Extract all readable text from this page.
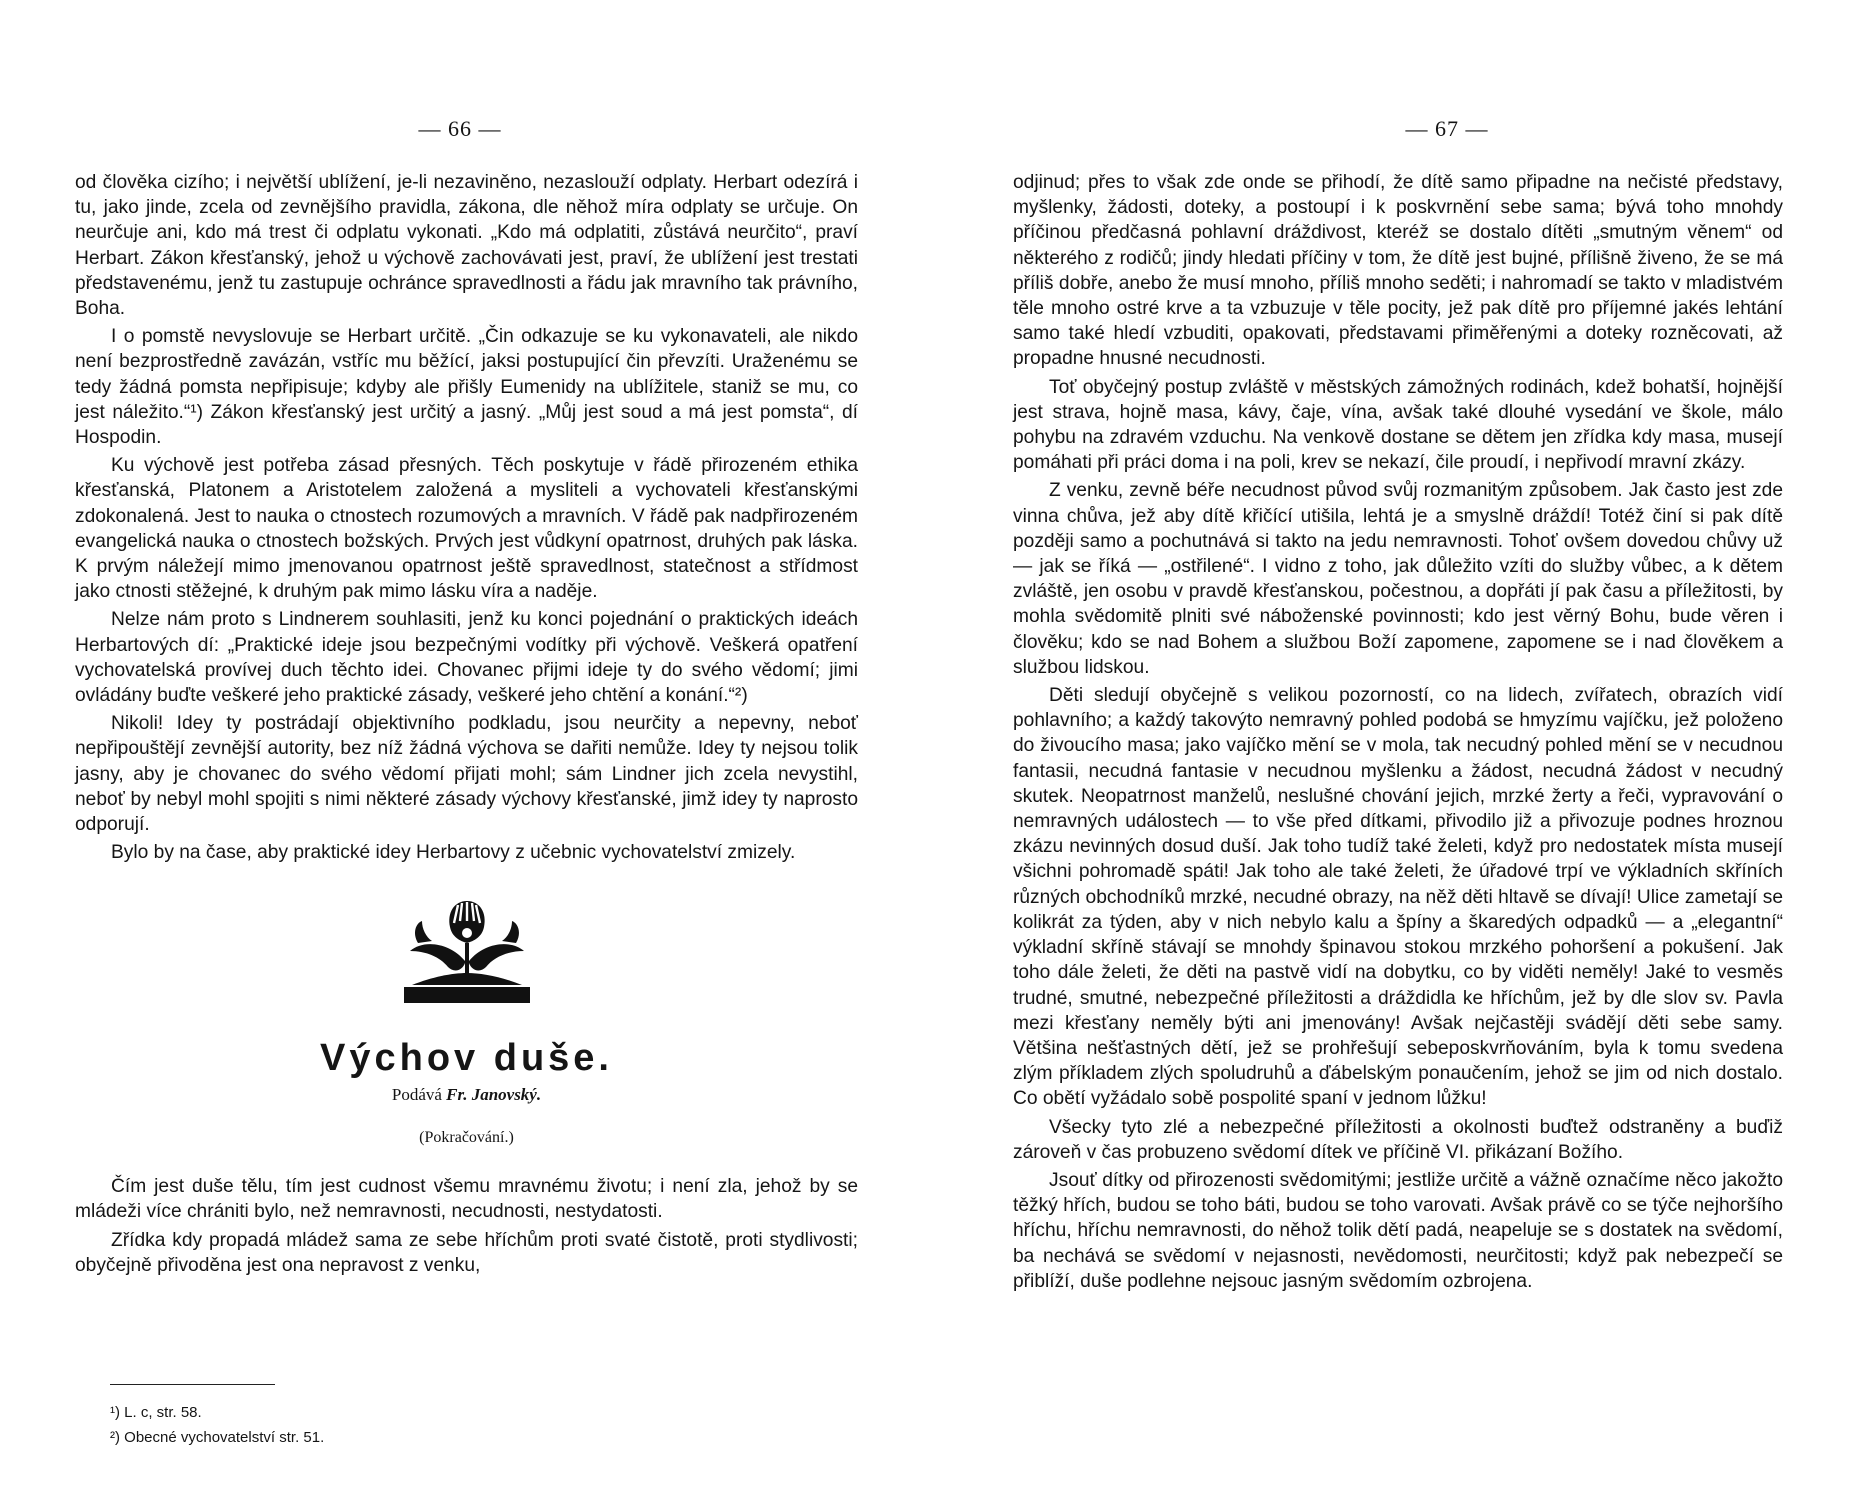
— 66 —

od člověka cizího; i největší ublížení, je-li nezaviněno, nezaslouží odplaty. Herbart odezírá i tu, jako jinde, zcela od zevnějšího pravidla, zákona, dle něhož míra odplaty se určuje. On neurčuje ani, kdo má trest či odplatu vykonati. „Kdo má odplatiti, zůstává neurčito“, praví Herbart. Zákon křesťanský, jehož u výchově zachovávati jest, praví, že ublížení jest trestati představenému, jenž tu zastupuje ochránce spravedlnosti a řádu jak mravního tak právního, Boha.

I o pomstě nevyslovuje se Herbart určitě. „Čin odkazuje se ku vykonavateli, ale nikdo není bezprostředně zavázán, vstříc mu běžící, jaksi postupující čin převzíti. Uraženému se tedy žádná pomsta nepřipisuje; kdyby ale přišly Eumenidy na ublížitele, staniž se mu, co jest náležito.“¹) Zákon křesťanský jest určitý a jasný. „Můj jest soud a má jest pomsta“, dí Hospodin.

Ku výchově jest potřeba zásad přesných. Těch poskytuje v řádě přirozeném ethika křesťanská, Platonem a Aristotelem založená a mysliteli a vychovateli křesťanskými zdokonalená. Jest to nauka o ctnostech rozumových a mravních. V řádě pak nadpřirozeném evangelická nauka o ctnostech božských. Prvých jest vůdkyní opatrnost, druhých pak láska. K prvým náležejí mimo jmenovanou opatrnost ještě spravedlnost, statečnost a střídmost jako ctnosti stěžejné, k druhým pak mimo lásku víra a naděje.

Nelze nám proto s Lindnerem souhlasiti, jenž ku konci pojednání o praktických ideách Herbartových dí: „Praktické ideje jsou bezpečnými vodítky při výchově. Veškerá opatření vychovatelská provívej duch těchto idei. Chovanec přijmi ideje ty do svého vědomí; jimi ovládány buďte veškeré jeho praktické zásady, veškeré jeho chtění a konání.“²)

Nikoli! Idey ty postrádají objektivního podkladu, jsou neurčity a nepevny, neboť nepřipouštějí zevnější autority, bez níž žádná výchova se dařiti nemůže. Idey ty nejsou tolik jasny, aby je chovanec do svého vědomí přijati mohl; sám Lindner jich zcela nevystihl, neboť by nebyl mohl spojiti s nimi některé zásady výchovy křesťanské, jimž idey ty naprosto odporují.

Bylo by na čase, aby praktické idey Herbartovy z učebnic vychovatelství zmizely.

Výchov duše.
Podává Fr. Janovský.
(Pokračování.)

Čím jest duše tělu, tím jest cudnost všemu mravnému životu; i není zla, jehož by se mládeži více chrániti bylo, než nemravnosti, necudnosti, nestydatosti.

Zřídka kdy propadá mládež sama ze sebe hříchům proti svaté čistotě, proti stydlivosti; obyčejně přivoděna jest ona nepravost z venku,

¹) L. c, str. 58.
²) Obecné vychovatelství str. 51.
— 67 —

odjinud; přes to však zde onde se přihodí, že dítě samo připadne na nečisté představy, myšlenky, žádosti, doteky, a postoupí i k poskvrnění sebe sama; bývá toho mnohdy příčinou předčasná pohlavní dráždivost, kteréž se dostalo dítěti „smutným věnem“ od některého z rodičů; jindy hledati příčiny v tom, že dítě jest bujné, přílišně živeno, že se má příliš dobře, anebo že musí mnoho, příliš mnoho seděti; i nahromadí se takto v mladistvém těle mnoho ostré krve a ta vzbuzuje v těle pocity, jež pak dítě pro příjemné jakés lehtání samo také hledí vzbuditi, opakovati, představami přiměřenými a doteky rozněcovati, až propadne hnusné necudnosti.

Toť obyčejný postup zvláště v městských zámožných rodinách, kdež bohatší, hojnější jest strava, hojně masa, kávy, čaje, vína, avšak také dlouhé vysedání ve škole, málo pohybu na zdravém vzduchu. Na venkově dostane se dětem jen zřídka kdy masa, musejí pomáhati při práci doma i na poli, krev se nekazí, čile proudí, i nepřivodí mravní zkázy.

Z venku, zevně béře necudnost původ svůj rozmanitým způsobem. Jak často jest zde vinna chůva, jež aby dítě křičící utišila, lehtá je a smyslně dráždí! Totéž činí si pak dítě později samo a pochutnává si takto na jedu nemravnosti. Tohoť ovšem dovedou chůvy už — jak se říká — „ostřilené“. I vidno z toho, jak důležito vzíti do služby vůbec, a k dětem zvláště, jen osobu v pravdě křesťanskou, počestnou, a dopřáti jí pak času a příležitosti, by mohla svědomitě plniti své náboženské povinnosti; kdo jest věrný Bohu, bude věren i člověku; kdo se nad Bohem a službou Boží zapomene, zapomene se i nad člověkem a službou lidskou.

Děti sledují obyčejně s velikou pozorností, co na lidech, zvířatech, obrazích vidí pohlavního; a každý takovýto nemravný pohled podobá se hmyzímu vajíčku, jež položeno do živoucího masa; jako vajíčko mění se v mola, tak necudný pohled mění se v necudnou fantasii, necudná fantasie v necudnou myšlenku a žádost, necudná žádost v necudný skutek. Neopatrnost manželů, neslušné chování jejich, mrzké žerty a řeči, vypravování o nemravných událostech — to vše před dítkami, přivodilo již a přivozuje podnes hroznou zkázu nevinných dosud duší. Jak toho tudíž také želeti, když pro nedostatek místa musejí všichni pohromadě spáti! Jak toho ale také želeti, že úřadové trpí ve výkladních skříních různých obchodníků mrzké, necudné obrazy, na něž děti hltavě se dívají! Ulice zametají se kolikrát za týden, aby v nich nebylo kalu a špíny a škaredých odpadků — a „elegantní“ výkladní skříně stávají se mnohdy špinavou stokou mrzkého pohoršení a pokušení. Jak toho dále želeti, že děti na pastvě vidí na dobytku, co by viděti neměly! Jaké to vesměs trudné, smutné, nebezpečné příležitosti a dráždidla ke hříchům, jež by dle slov sv. Pavla mezi křesťany neměly býti ani jmenovány! Avšak nejčastěji svádějí děti sebe samy. Většina nešťastných dětí, jež se prohřešují sebeposkvrňováním, byla k tomu svedena zlým příkladem zlých spoludruhů a ďábelským ponaučením, jehož se jim od nich dostalo. Co obětí vyžádalo sobě pospolité spaní v jednom lůžku!

Všecky tyto zlé a nebezpečné příležitosti a okolnosti buďtež odstraněny a buďiž zároveň v čas probuzeno svědomí dítek ve příčině VI. přikázaní Božího.

Jsouť dítky od přirozenosti svědomitými; jestliže určitě a vážně označíme něco jakožto těžký hřích, budou se toho báti, budou se toho varovati. Avšak právě co se týče nejhoršího hříchu, hříchu nemravnosti, do něhož tolik dětí padá, neapeluje se s dostatek na svědomí, ba nechává se svědomí v nejasnosti, nevědomosti, neurčitosti; když pak nebezpečí se přiblíží, duše podlehne nejsouc jasným svědomím ozbrojena.
